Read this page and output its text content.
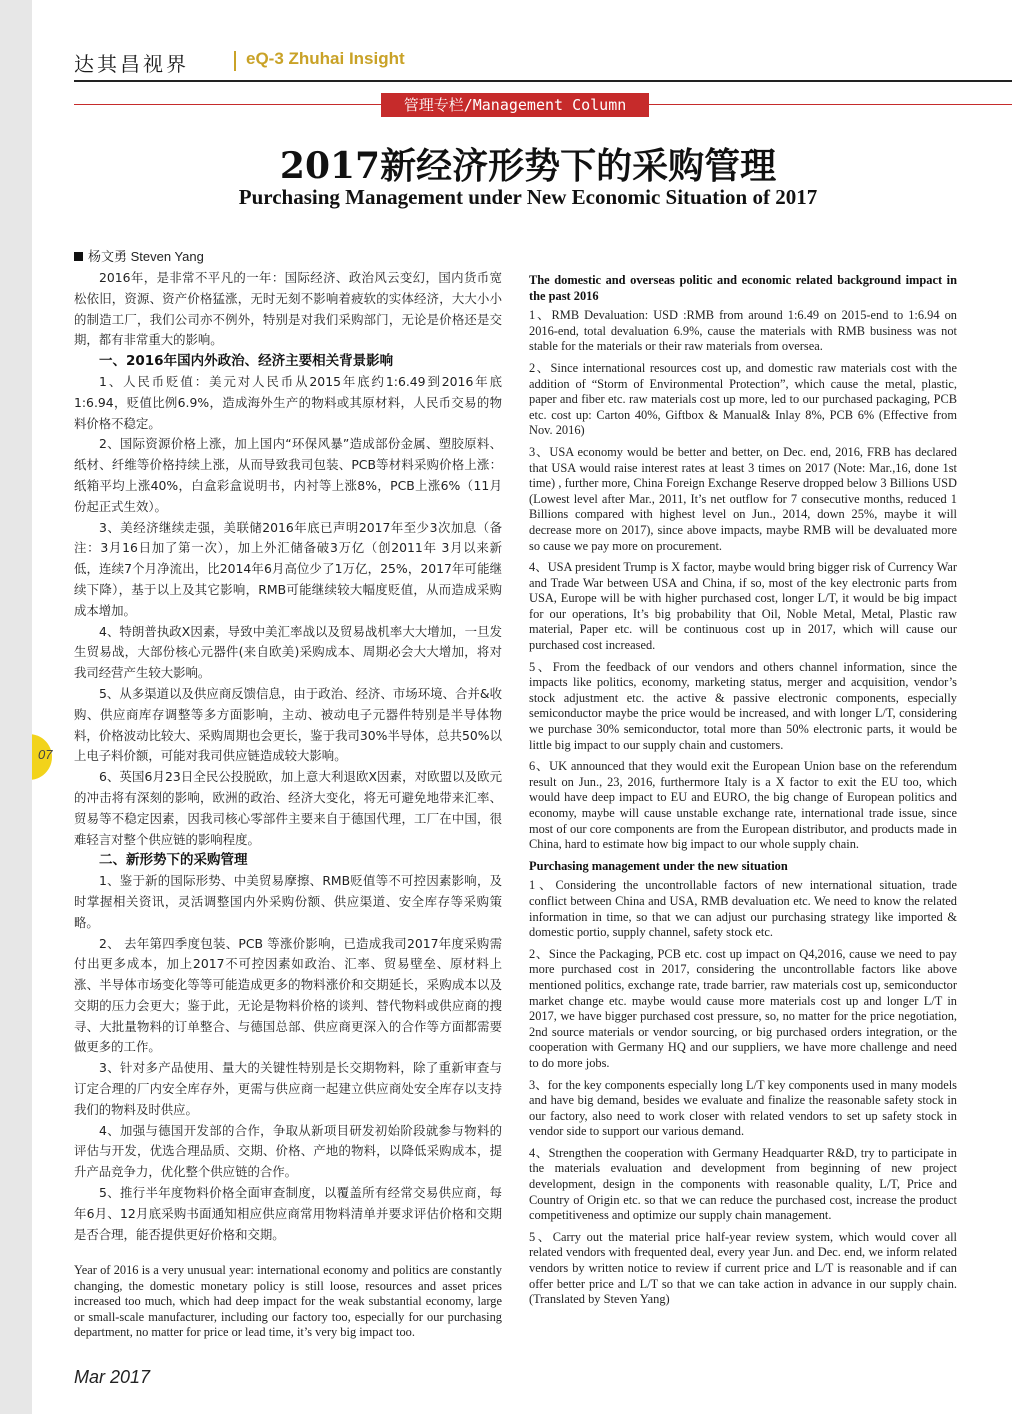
达其昌视界	eQ-3 Zhuhai Insight
管理专栏/Management Column
2017新经济形势下的采购管理
Purchasing Management under New Economic Situation of 2017
杨文勇 Steven Yang

2016年，是非常不平凡的一年：国际经济、政治风云变幻，国内货币宽松依旧，资源、资产价格猛涨，无时无刻不影响着疲软的实体经济，大大小小的制造工厂，我们公司亦不例外，特别是对我们采购部门，无论是价格还是交期，都有非常重大的影响。

一、2016年国内外政治、经济主要相关背景影响

1、人民币贬值：美元对人民币从2015年底约1:6.49到2016年底1:6.94，贬值比例6.9%，造成海外生产的物料或其原材料，人民币交易的物料价格不稳定。

2、国际资源价格上涨，加上国内“环保风暴”造成部份金属、塑胶原料、纸材、纤维等价格持续上涨，从而导致我司包装、PCB等材料采购价格上涨：纸箱平均上涨40%，白盒彩盒说明书，内衬等上涨8%，PCB上涨6%（11月份起正式生效）。

3、美经济继续走强，美联储2016年底已声明2017年至少3次加息（备注：3月16日加了第一次），加上外汇储备破3万亿（创2011年 3月以来新低，连续7个月净流出，比2014年6月高位少了1万亿，25%，2017年可能继续下降），基于以上及其它影响，RMB可能继续较大幅度贬值，从而造成采购成本增加。

4、特朗普执政X因素，导致中美汇率战以及贸易战机率大大增加，一旦发生贸易战，大部份核心元器件(来自欧美)采购成本、周期必会大大增加，将对我司经营产生较大影响。

5、从多渠道以及供应商反馈信息，由于政治、经济、市场环境、合并&收购、供应商库存调整等多方面影响，主动、被动电子元器件特别是半导体物料，价格波动比较大、采购周期也会更长，鉴于我司30%半导体，总共50%以上电子料价额，可能对我司供应链造成较大影响。

6、英国6月23日全民公投脱欧，加上意大利退欧X因素，对欧盟以及欧元的冲击将有深刻的影响，欧洲的政治、经济大变化，将无可避免地带来汇率、贸易等不稳定因素，因我司核心零部件主要来自于德国代理，工厂在中国，很难轻言对整个供应链的影响程度。

二、新形势下的采购管理

1、鉴于新的国际形势、中美贸易摩擦、RMB贬值等不可控因素影响，及时掌握相关资讯，灵活调整国内外采购份额、供应渠道、安全库存等采购策略。

2、 去年第四季度包装、PCB 等涨价影响，已造成我司2017年度采购需付出更多成本，加上2017不可控因素如政治、汇率、贸易壁垒、原材料上涨、半导体市场变化等等可能造成更多的物料涨价和交期延长，采购成本以及交期的压力会更大；鉴于此，无论是物料价格的谈判、替代物料或供应商的搜寻、大批量物料的订单整合、与德国总部、供应商更深入的合作等方面都需要做更多的工作。

3、针对多产品使用、量大的关键性特别是长交期物料，除了重新审查与订定合理的厂内安全库存外，更需与供应商一起建立供应商处安全库存以支持我们的物料及时供应。

4、加强与德国开发部的合作，争取从新项目研发初始阶段就参与物料的评估与开发，优选合理品质、交期、价格、产地的物料，以降低采购成本，提升产品竞争力，优化整个供应链的合作。

5、推行半年度物料价格全面审查制度，以覆盖所有经常交易供应商，每年6月、12月底采购书面通知相应供应商常用物料清单并要求评估价格和交期是否合理，能否提供更好价格和交期。

Year of 2016 is a very unusual year: international economy and politics are constantly changing, the domestic monetary policy is still loose, resources and asset prices increased too much, which had deep impact for the weak substantial economy, large or small-scale manufacturer, including our factory too, especially for our purchasing department, no matter for price or lead time, it’s very big impact too.

The domestic and overseas politic and economic related background impact in the past 2016

1、RMB Devaluation: USD :RMB from around 1:6.49 on 2015-end to 1:6.94 on 2016-end, total devaluation 6.9%, cause the materials with RMB business was not stable for the materials or their raw materials from oversea.

2、Since international resources cost up, and domestic raw materials cost with the addition of “Storm of Environmental Protection”, which cause the metal, plastic, paper and fiber etc. raw materials cost up more, led to our purchased packaging, PCB etc. cost up: Carton 40%, Giftbox & Manual& Inlay 8%, PCB 6% (Effective from Nov. 2016)

3、USA economy would be better and better, on Dec. end, 2016, FRB has declared that USA would raise interest rates at least 3 times on 2017 (Note: Mar.,16, done 1st time) , further more, China Foreign Exchange Reserve dropped below 3 Billions USD (Lowest level after Mar., 2011, It’s net outflow for 7 consecutive months, reduced 1 Billions compared with highest level on Jun., 2014, down 25%, maybe it will decrease more on 2017), since above impacts, maybe RMB will be devaluated more so cause we pay more on procurement.

4、USA president Trump is X factor, maybe would bring bigger risk of Currency War and Trade War between USA and China, if so, most of the key electronic parts from USA, Europe will be with higher purchased cost, longer L/T, it would be big impact for our operations, It’s big probability that Oil, Noble Metal, Metal, Plastic raw material, Paper etc. will be continuous cost up in 2017, which will cause our purchased cost increased.

5、From the feedback of our vendors and others channel information, since the impacts like politics, economy, marketing status, merger and acquisition, vendor’s stock adjustment etc. the active & passive electronic components, especially semiconductor maybe the price would be increased, and with longer L/T, considering we purchase 30% semiconductor, total more than 50% electronic parts, it would be little big impact to our supply chain and customers.

6、UK announced that they would exit the European Union base on the referendum result on Jun., 23, 2016, furthermore Italy is a X factor to exit the EU too, which would have deep impact to EU and EURO, the big change of European politics and economy, maybe will cause unstable exchange rate, international trade issue, since most of our core components are from the European distributor, and products made in China, hard to estimate how big impact to our whole supply chain.

Purchasing management under the new situation

1、Considering the uncontrollable factors of new international situation, trade conflict between China and USA, RMB devaluation etc. We need to know the related information in time, so that we can adjust our purchasing strategy like imported & domestic portio, supply channel, safety stock etc.

2、Since the Packaging, PCB etc. cost up impact on Q4,2016, cause we need to pay more purchased cost in 2017, considering the uncontrollable factors like above mentioned politics, exchange rate, trade barrier, raw materials cost up, semiconductor market change etc. maybe would cause more materials cost up and longer L/T in 2017, we have bigger purchased cost pressure, so, no matter for the price negotiation, 2nd source materials or vendor sourcing, or big purchased orders integration, or the cooperation with Germany HQ and our suppliers, we have more challenge and need to do more jobs.

3、for the key components especially long L/T key components used in many models and have big demand, besides we evaluate and finalize the reasonable safety stock in our factory, also need to work closer with related vendors to set up safety stock in vendor side to support our various demand.

4、Strengthen the cooperation with Germany Headquarter R&D, try to participate in the materials evaluation and development from beginning of new project development, design in the components with reasonable quality, L/T, Price and Country of Origin etc. so that we can reduce the purchased cost, increase the product competitiveness and optimize our supply chain management.

5、Carry out the material price half-year review system, which would cover all related vendors with frequented deal, every year Jun. and Dec. end, we inform related vendors by written notice to review if current price and L/T is reasonable and if can offer better price and L/T so that we can take action in advance in our supply chain. (Translated by Steven Yang)

07
Mar 2017
